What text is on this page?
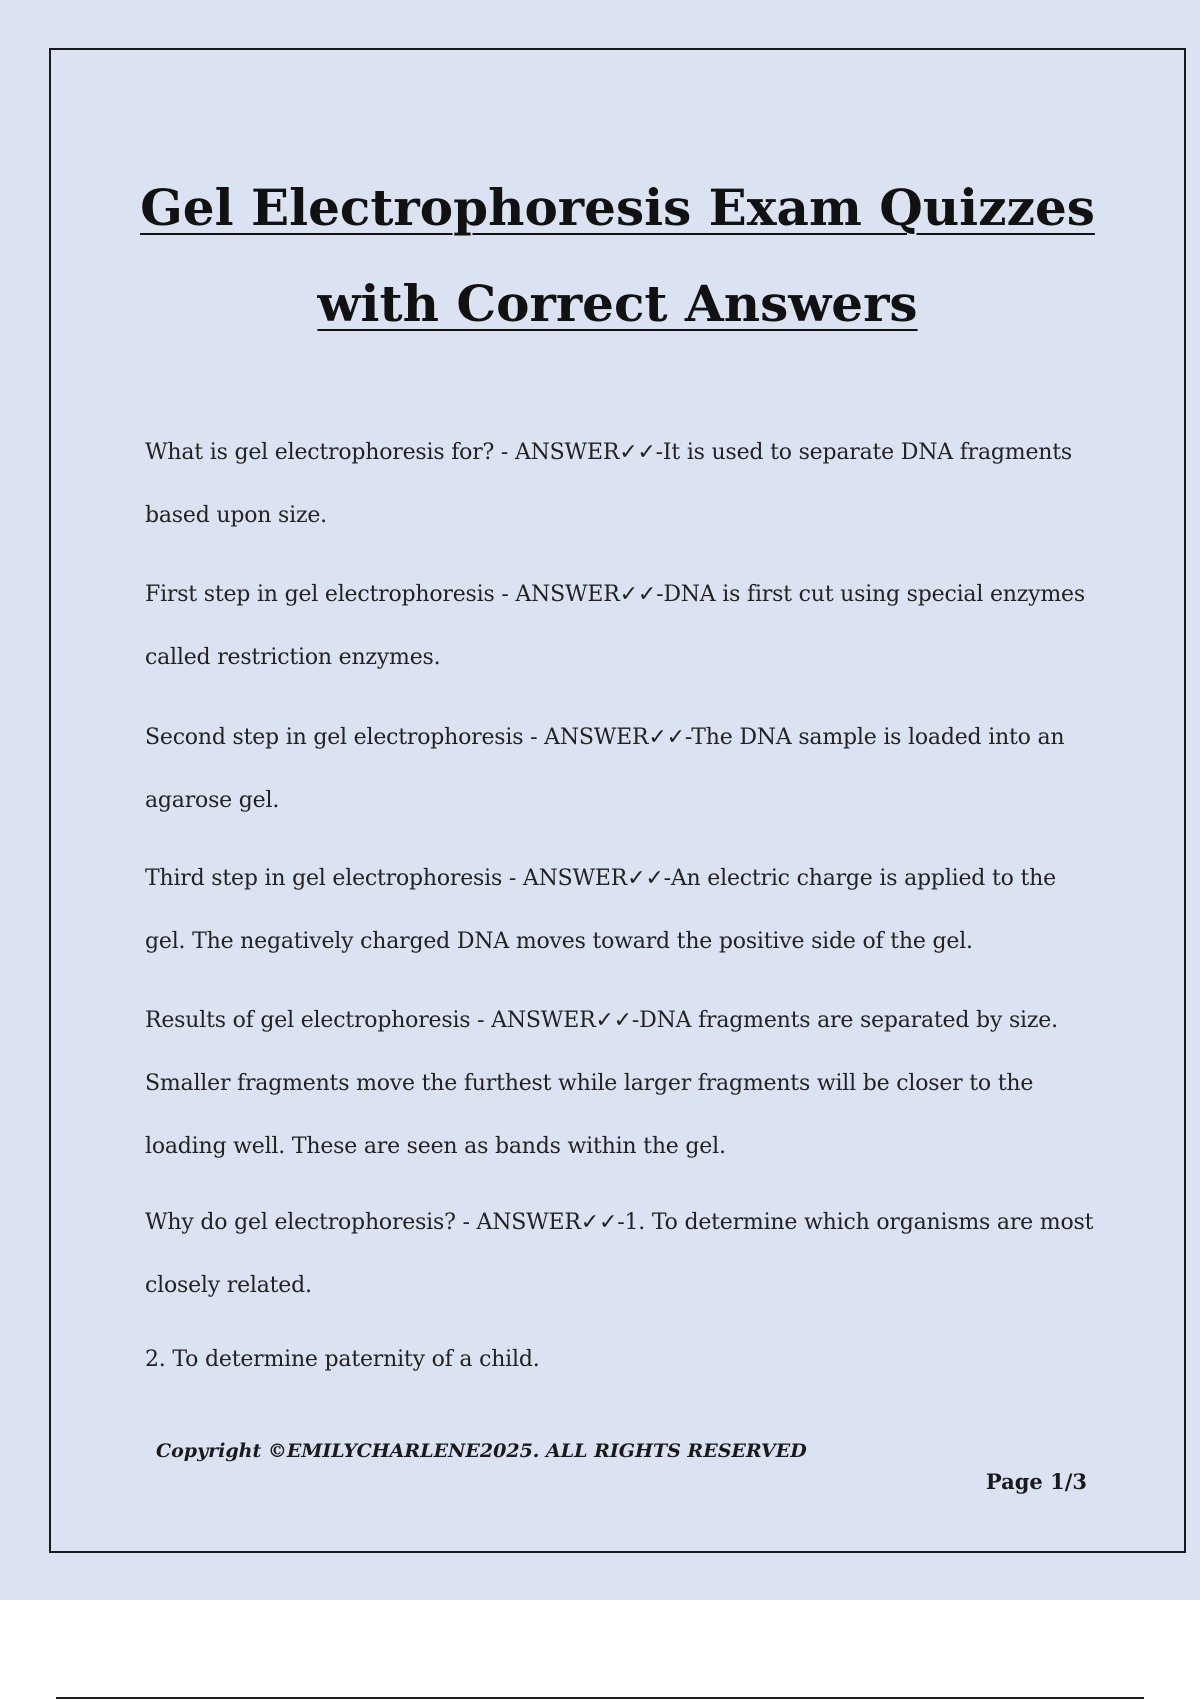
Gel Electrophoresis Exam Quizzes
with Correct Answers

What is gel electrophoresis for? - ANSWER✓✓-It is used to separate DNA fragments based upon size.

First step in gel electrophoresis - ANSWER✓✓-DNA is first cut using special enzymes called restriction enzymes.

Second step in gel electrophoresis - ANSWER✓✓-The DNA sample is loaded into an agarose gel.

Third step in gel electrophoresis - ANSWER✓✓-An electric charge is applied to the gel. The negatively charged DNA moves toward the positive side of the gel.

Results of gel electrophoresis - ANSWER✓✓-DNA fragments are separated by size. Smaller fragments move the furthest while larger fragments will be closer to the loading well. These are seen as bands within the gel.

Why do gel electrophoresis? - ANSWER✓✓-1. To determine which organisms are most closely related.

2. To determine paternity of a child.

Copyright ©EMILYCHARLENE2025. ALL RIGHTS RESERVED

Page 1/3
